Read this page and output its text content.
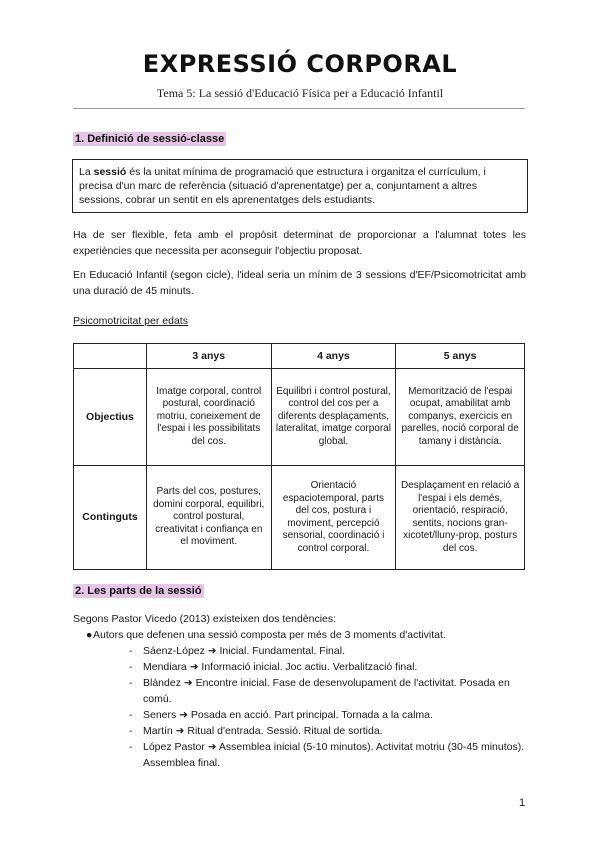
EXPRESSIÓ CORPORAL
Tema 5: La sessió d'Educació Física per a Educació Infantil
1. Definició de sessió-classe
La sessió és la unitat mínima de programació que estructura i organitza el currículum, i precisa d'un marc de referència (situació d'aprenentatge) per a, conjuntament a altres sessions, cobrar un sentit en els aprenentatges dels estudiants.
Ha de ser flexible, feta amb el propòsit determinat de proporcionar a l'alumnat totes les experiències que necessita per aconseguir l'objectiu proposat.
En Educació Infantil (segon cicle), l'ideal seria un mínim de 3 sessions d'EF/Psicomotricitat amb una duració de 45 minuts.
Psicomotricitat per edats
	3 anys	4 anys	5 anys
Objectius	Imatge corporal, control postural, coordinació motriu, coneixement de l'espai i les possibilitats del cos.	Equilibri i control postural, control del cos per a diferents desplaçaments, lateralitat, imatge corporal global.	Memorització de l'espai ocupat, amabilitat amb companys, exercicis en parelles, noció corporal de tamany i distància.
Continguts	Parts del cos, postures, domini corporal, equilibri, control postural, creativitat i confiança en el moviment.	Orientació espaciotemporal, parts del cos, postura i moviment, percepció sensorial, coordinació i control corporal.	Desplaçament en relació a l'espai i els demés, orientació, respiració, sentits, nocions gran-xicotet/lluny-prop, posturs del cos.
2. Les parts de la sessió
Segons Pastor Vicedo (2013) existeixen dos tendències:
● Autors que defenen una sessió composta per més de 3 moments d'activitat.
- Sáenz-López ➜ Inicial. Fundamental. Final.
- Mendiara ➜ Informació inicial. Joc actiu. Verbalització final.
- Blández ➜ Encontre inicial. Fase de desenvolupament de l'activitat. Posada en comú.
- Seners ➜ Posada en acció. Part principal. Tornada a la calma.
- Martín ➜ Ritual d'entrada. Sessió. Ritual de sortida.
- López Pastor ➜ Assemblea inicial (5-10 minutos). Activitat motriu (30-45 minutos). Assemblea final.
1
